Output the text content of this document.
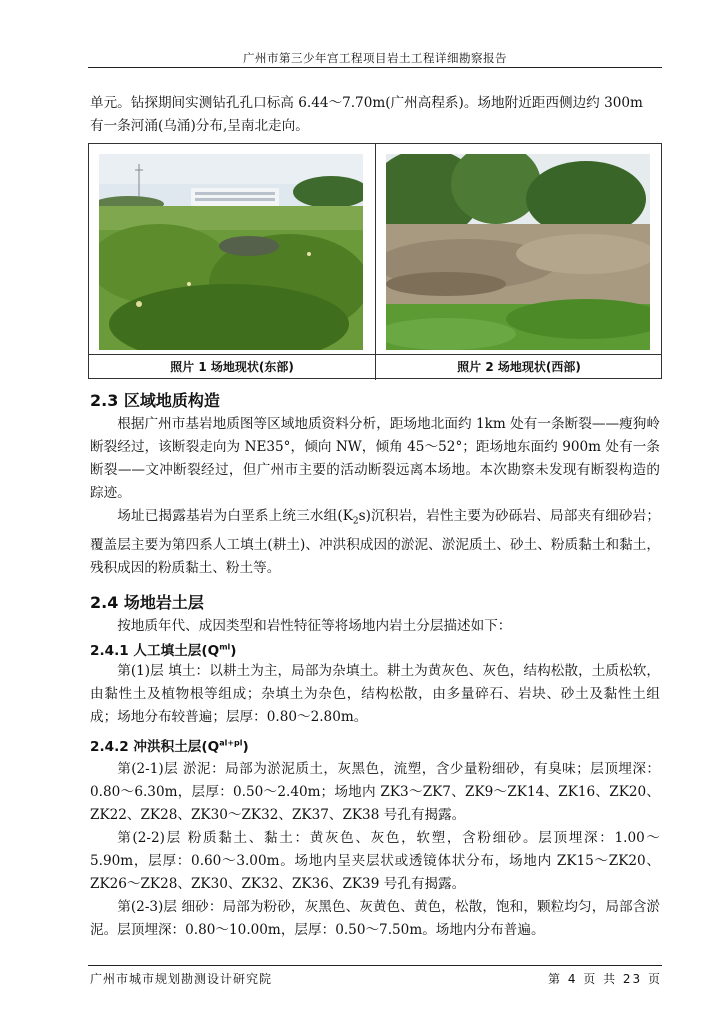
广州市第三少年宫工程项目岩土工程详细勘察报告

单元。钻探期间实测钻孔孔口标高 6.44～7.70m(广州高程系)。场地附近距西侧边约 300m

有一条河涌(乌涌)分布,呈南北走向。

照片 1 场地现状(东部)	照片 2 场地现状(西部)
2.3 区域地质构造

根据广州市基岩地质图等区域地质资料分析，距场地北面约 1km 处有一条断裂——瘦狗岭断裂经过，该断裂走向为 NE35°，倾向 NW，倾角 45～52°；距场地东面约 900m 处有一条断裂——文冲断裂经过，但广州市主要的活动断裂远离本场地。本次勘察未发现有断裂构造的踪迹。

场址已揭露基岩为白垩系上统三水组$(K_2s)$沉积岩，岩性主要为砂砾岩、局部夹有细砂岩；覆盖层主要为第四系人工填土(耕土)、冲洪积成因的淤泥、淤泥质土、砂土、粉质黏土和黏土，残积成因的粉质黏土、粉土等。

2.4 场地岩土层

按地质年代、成因类型和岩性特征等将场地内岩土分层描述如下：

2.4.1 人工填土层$(Q^{ml})$

第(1)层 填土：以耕土为主，局部为杂填土。耕土为黄灰色、灰色，结构松散，土质松软，由黏性土及植物根等组成；杂填土为杂色，结构松散，由多量碎石、岩块、砂土及黏性土组成；场地分布较普遍；层厚：0.80～2.80m。

2.4.2 冲洪积土层$(Q^{al+pl})$

第(2-1)层 淤泥：局部为淤泥质土，灰黑色，流塑，含少量粉细砂，有臭味；层顶埋深：0.80～6.30m，层厚：0.50～2.40m；场地内 ZK3～ZK7、ZK9～ZK14、ZK16、ZK20、ZK22、ZK28、ZK30～ZK32、ZK37、ZK38 号孔有揭露。

第(2-2)层 粉质黏土、黏土：黄灰色、灰色，软塑，含粉细砂。层顶埋深：1.00～5.90m，层厚：0.60～3.00m。场地内呈夹层状或透镜体状分布，场地内 ZK15～ZK20、ZK26～ZK28、ZK30、ZK32、ZK36、ZK39 号孔有揭露。

第(2-3)层 细砂：局部为粉砂，灰黑色、灰黄色、黄色，松散，饱和，颗粒均匀，局部含淤泥。层顶埋深：0.80～10.00m，层厚：0.50～7.50m。场地内分布普遍。

广州市城市规划勘测设计研究院	第 4 页 共 23 页
